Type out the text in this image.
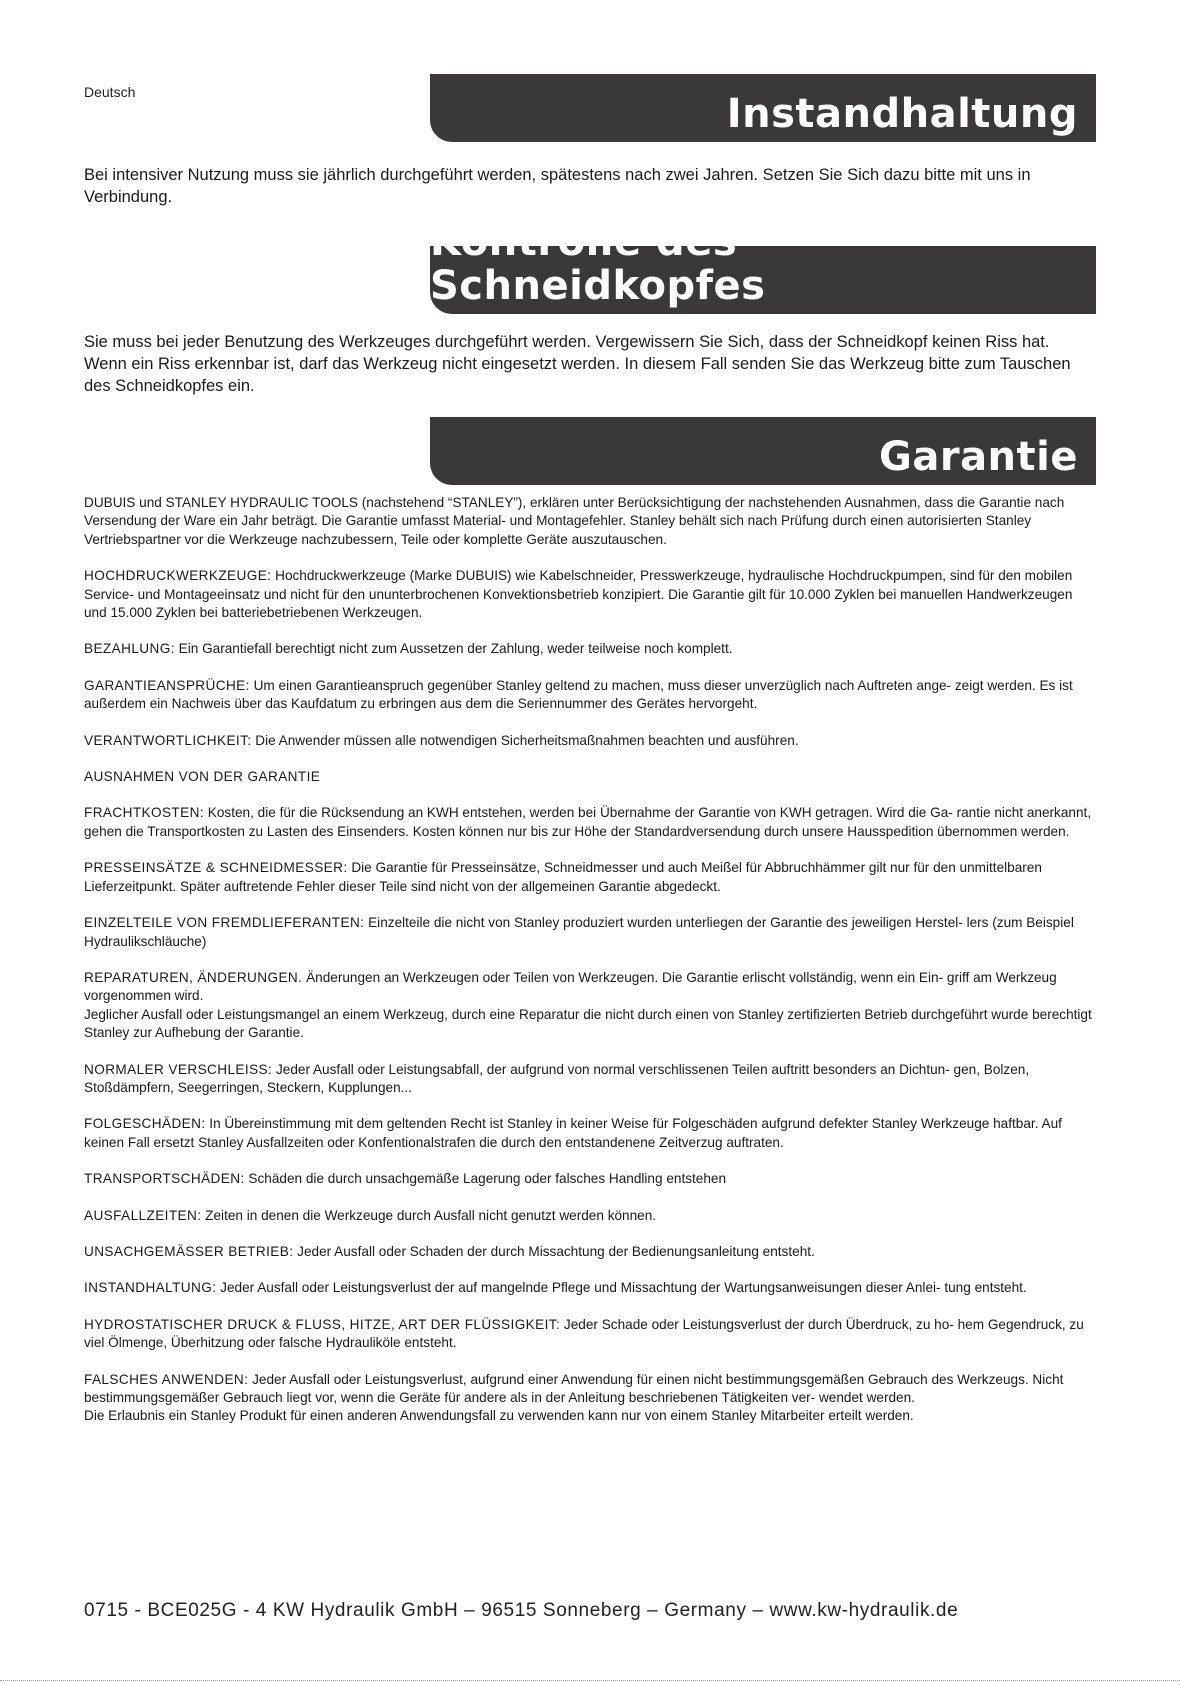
Deutsch	Instandhaltung

Bei intensiver Nutzung muss sie jährlich durchgeführt werden, spätestens nach zwei Jahren. Setzen Sie Sich dazu bitte mit uns in Verbindung.

Kontrolle des Schneidkopfes

Sie muss bei jeder Benutzung des Werkzeuges durchgeführt werden. Vergewissern Sie Sich, dass der Schneidkopf keinen Riss hat. Wenn ein Riss erkennbar ist, darf das Werkzeug nicht eingesetzt werden. In diesem Fall senden Sie das Werkzeug bitte zum Tauschen des Schneidkopfes ein.

Garantie

DUBUIS und STANLEY HYDRAULIC TOOLS (nachstehend “STANLEY”), erklären unter Berücksichtigung der nachstehenden Ausnahmen, dass die Garantie nach Versendung der Ware ein Jahr beträgt. Die Garantie umfasst Material- und Montagefehler. Stanley behält sich nach Prüfung durch einen autorisierten Stanley Vertriebspartner vor die Werkzeuge nachzubessern, Teile oder komplette Geräte auszutauschen.

HOCHDRUCKWERKZEUGE: Hochdruckwerkzeuge (Marke DUBUIS) wie Kabelschneider, Presswerkzeuge, hydraulische Hochdruckpumpen, sind für den mobilen Service- und Montageeinsatz und nicht für den ununterbrochenen Konvektionsbetrieb konzipiert. Die Garantie gilt für 10.000 Zyklen bei manuellen Handwerkzeugen und 15.000 Zyklen bei batteriebetriebenen Werkzeugen.

BEZAHLUNG: Ein Garantiefall berechtigt nicht zum Aussetzen der Zahlung, weder teilweise noch komplett.

GARANTIEANSPRÜCHE: Um einen Garantieanspruch gegenüber Stanley geltend zu machen, muss dieser unverzüglich nach Auftreten ange- zeigt werden. Es ist außerdem ein Nachweis über das Kaufdatum zu erbringen aus dem die Seriennummer des Gerätes hervorgeht.

VERANTWORTLICHKEIT: Die Anwender müssen alle notwendigen Sicherheitsmaßnahmen beachten und ausführen.

AUSNAHMEN VON DER GARANTIE

FRACHTKOSTEN: Kosten, die für die Rücksendung an KWH entstehen, werden bei Übernahme der Garantie von KWH getragen. Wird die Ga- rantie nicht anerkannt, gehen die Transportkosten zu Lasten des Einsenders. Kosten können nur bis zur Höhe der Standardversendung durch unsere Hausspedition übernommen werden.

PRESSEINSÄTZE & SCHNEIDMESSER: Die Garantie für Presseinsätze, Schneidmesser und auch Meißel für Abbruchhämmer gilt nur für den unmittelbaren Lieferzeitpunkt. Später auftretende Fehler dieser Teile sind nicht von der allgemeinen Garantie abgedeckt.

EINZELTEILE VON FREMDLIEFERANTEN: Einzelteile die nicht von Stanley produziert wurden unterliegen der Garantie des jeweiligen Herstel- lers (zum Beispiel Hydraulikschläuche)

REPARATUREN, ÄNDERUNGEN. Änderungen an Werkzeugen oder Teilen von Werkzeugen. Die Garantie erlischt vollständig, wenn ein Ein- griff am Werkzeug vorgenommen wird.
Jeglicher Ausfall oder Leistungsmangel an einem Werkzeug, durch eine Reparatur die nicht durch einen von Stanley zertifizierten Betrieb durchgeführt wurde berechtigt Stanley zur Aufhebung der Garantie.

NORMALER VERSCHLEISS: Jeder Ausfall oder Leistungsabfall, der aufgrund von normal verschlissenen Teilen auftritt besonders an Dichtun- gen, Bolzen, Stoßdämpfern, Seegerringen, Steckern, Kupplungen...

FOLGESCHÄDEN: In Übereinstimmung mit dem geltenden Recht ist Stanley in keiner Weise für Folgeschäden aufgrund defekter Stanley Werkzeuge haftbar. Auf keinen Fall ersetzt Stanley Ausfallzeiten oder Konfentionalstrafen die durch den entstandenene Zeitverzug auftraten.

TRANSPORTSCHÄDEN: Schäden die durch unsachgemäße Lagerung oder falsches Handling entstehen

AUSFALLZEITEN: Zeiten in denen die Werkzeuge durch Ausfall nicht genutzt werden können.

UNSACHGEMÄSSER BETRIEB: Jeder Ausfall oder Schaden der durch Missachtung der Bedienungsanleitung entsteht.

INSTANDHALTUNG: Jeder Ausfall oder Leistungsverlust der auf mangelnde Pflege und Missachtung der Wartungsanweisungen dieser Anlei- tung entsteht.

HYDROSTATISCHER DRUCK & FLUSS, HITZE, ART DER FLÜSSIGKEIT: Jeder Schade oder Leistungsverlust der durch Überdruck, zu ho- hem Gegendruck, zu viel Ölmenge, Überhitzung oder falsche Hydrauliköle entsteht.

FALSCHES ANWENDEN: Jeder Ausfall oder Leistungsverlust, aufgrund einer Anwendung für einen nicht bestimmungsgemäßen Gebrauch des Werkzeugs. Nicht bestimmungsgemäßer Gebrauch liegt vor, wenn die Geräte für andere als in der Anleitung beschriebenen Tätigkeiten ver- wendet werden.
Die Erlaubnis ein Stanley Produkt für einen anderen Anwendungsfall zu verwenden kann nur von einem Stanley Mitarbeiter erteilt werden.

0715 - BCE025G - 4 KW Hydraulik GmbH – 96515 Sonneberg – Germany – www.kw-hydraulik.de
